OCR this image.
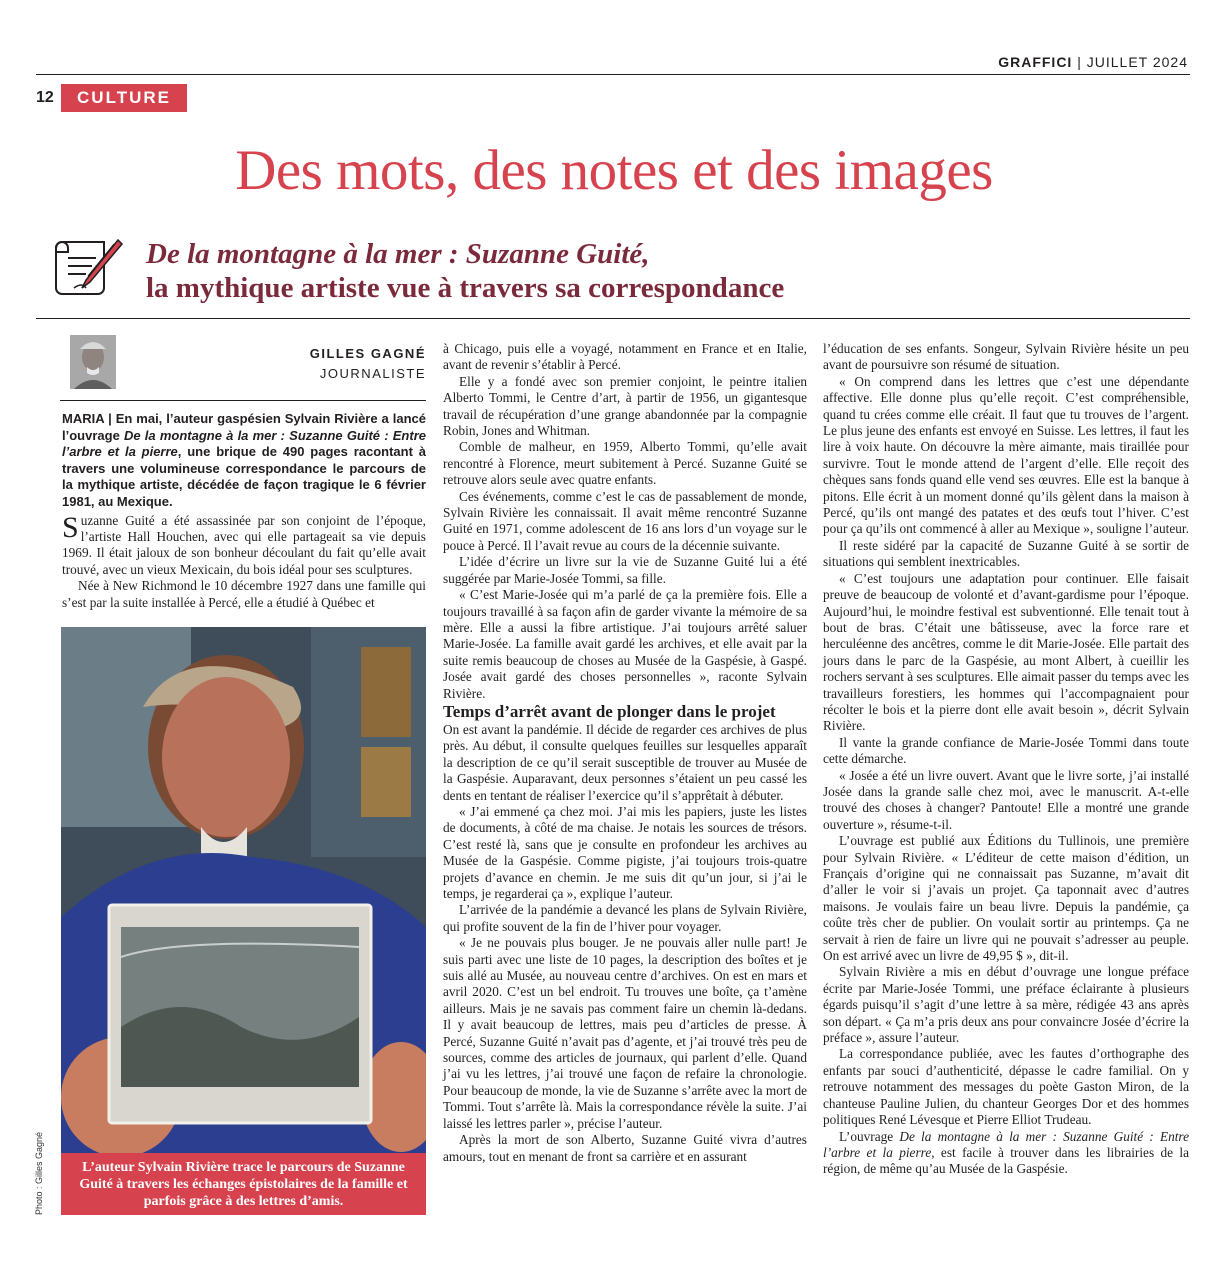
GRAFFICI | JUILLET 2024
12	CULTURE
Des mots, des notes et des images
De la montagne à la mer : Suzanne Guité,
la mythique artiste vue à travers sa correspondance
GILLES GAGNÉ
JOURNALISTE

MARIA | En mai, l’auteur gaspésien Sylvain Rivière a lancé l’ouvrage De la montagne à la mer : Suzanne Guité : Entre l’arbre et la pierre, une brique de 490 pages racontant à travers une volumineuse correspondance le parcours de la mythique artiste, décédée de façon tragique le 6 février 1981, au Mexique.

Suzanne Guité a été assassinée par son conjoint de l’époque, l’artiste Hall Houchen, avec qui elle partageait sa vie depuis 1969. Il était jaloux de son bonheur découlant du fait qu’elle avait trouvé, avec un vieux Mexicain, du bois idéal pour ses sculptures.

Née à New Richmond le 10 décembre 1927 dans une famille qui s’est par la suite installée à Percé, elle a étudié à Québec et

L’auteur Sylvain Rivière trace le parcours de Suzanne Guité à travers les échanges épistolaires de la famille et parfois grâce à des lettres d’amis.
Photo : Gilles Gagné

à Chicago, puis elle a voyagé, notamment en France et en Italie, avant de revenir s’établir à Percé.

Elle y a fondé avec son premier conjoint, le peintre italien Alberto Tommi, le Centre d’art, à partir de 1956, un gigantesque travail de récupération d’une grange abandonnée par la compagnie Robin, Jones and Whitman.

Comble de malheur, en 1959, Alberto Tommi, qu’elle avait rencontré à Florence, meurt subitement à Percé. Suzanne Guité se retrouve alors seule avec quatre enfants.

Ces événements, comme c’est le cas de passablement de monde, Sylvain Rivière les connaissait. Il avait même rencontré Suzanne Guité en 1971, comme adolescent de 16 ans lors d’un voyage sur le pouce à Percé. Il l’avait revue au cours de la décennie suivante.

L’idée d’écrire un livre sur la vie de Suzanne Guité lui a été suggérée par Marie-Josée Tommi, sa fille.

« C’est Marie-Josée qui m’a parlé de ça la première fois. Elle a toujours travaillé à sa façon afin de garder vivante la mémoire de sa mère. Elle a aussi la fibre artistique. J’ai toujours arrêté saluer Marie-Josée. La famille avait gardé les archives, et elle avait par la suite remis beaucoup de choses au Musée de la Gaspésie, à Gaspé. Josée avait gardé des choses personnelles », raconte Sylvain Rivière.

Temps d’arrêt avant de plonger dans le projet

On est avant la pandémie. Il décide de regarder ces archives de plus près. Au début, il consulte quelques feuilles sur lesquelles apparaît la description de ce qu’il serait susceptible de trouver au Musée de la Gaspésie. Auparavant, deux personnes s’étaient un peu cassé les dents en tentant de réaliser l’exercice qu’il s’apprêtait à débuter.

« J’ai emmené ça chez moi. J’ai mis les papiers, juste les listes de documents, à côté de ma chaise. Je notais les sources de trésors. C’est resté là, sans que je consulte en profondeur les archives au Musée de la Gaspésie. Comme pigiste, j’ai toujours trois-quatre projets d’avance en chemin. Je me suis dit qu’un jour, si j’ai le temps, je regarderai ça », explique l’auteur.

L’arrivée de la pandémie a devancé les plans de Sylvain Rivière, qui profite souvent de la fin de l’hiver pour voyager.

« Je ne pouvais plus bouger. Je ne pouvais aller nulle part! Je suis parti avec une liste de 10 pages, la description des boîtes et je suis allé au Musée, au nouveau centre d’archives. On est en mars et avril 2020. C’est un bel endroit. Tu trouves une boîte, ça t’amène ailleurs. Mais je ne savais pas comment faire un chemin là-dedans. Il y avait beaucoup de lettres, mais peu d’articles de presse. À Percé, Suzanne Guité n’avait pas d’agente, et j’ai trouvé très peu de sources, comme des articles de journaux, qui parlent d’elle. Quand j’ai vu les lettres, j’ai trouvé une façon de refaire la chronologie. Pour beaucoup de monde, la vie de Suzanne s’arrête avec la mort de Tommi. Tout s’arrête là. Mais la correspondance révèle la suite. J’ai laissé les lettres parler », précise l’auteur.

Après la mort de son Alberto, Suzanne Guité vivra d’autres amours, tout en menant de front sa carrière et en assurant

l’éducation de ses enfants. Songeur, Sylvain Rivière hésite un peu avant de poursuivre son résumé de situation.

« On comprend dans les lettres que c’est une dépendante affective. Elle donne plus qu’elle reçoit. C’est compréhensible, quand tu crées comme elle créait. Il faut que tu trouves de l’argent. Le plus jeune des enfants est envoyé en Suisse. Les lettres, il faut les lire à voix haute. On découvre la mère aimante, mais tiraillée pour survivre. Tout le monde attend de l’argent d’elle. Elle reçoit des chèques sans fonds quand elle vend ses œuvres. Elle est la banque à pitons. Elle écrit à un moment donné qu’ils gèlent dans la maison à Percé, qu’ils ont mangé des patates et des œufs tout l’hiver. C’est pour ça qu’ils ont commencé à aller au Mexique », souligne l’auteur.

Il reste sidéré par la capacité de Suzanne Guité à se sortir de situations qui semblent inextricables.

« C’est toujours une adaptation pour continuer. Elle faisait preuve de beaucoup de volonté et d’avant-gardisme pour l’époque. Aujourd’hui, le moindre festival est subventionné. Elle tenait tout à bout de bras. C’était une bâtisseuse, avec la force rare et herculéenne des ancêtres, comme le dit Marie-Josée. Elle partait des jours dans le parc de la Gaspésie, au mont Albert, à cueillir les rochers servant à ses sculptures. Elle aimait passer du temps avec les travailleurs forestiers, les hommes qui l’accompagnaient pour récolter le bois et la pierre dont elle avait besoin », décrit Sylvain Rivière.

Il vante la grande confiance de Marie-Josée Tommi dans toute cette démarche.

« Josée a été un livre ouvert. Avant que le livre sorte, j’ai installé Josée dans la grande salle chez moi, avec le manuscrit. A-t-elle trouvé des choses à changer? Pantoute! Elle a montré une grande ouverture », résume-t-il.

L’ouvrage est publié aux Éditions du Tullinois, une première pour Sylvain Rivière. « L’éditeur de cette maison d’édition, un Français d’origine qui ne connaissait pas Suzanne, m’avait dit d’aller le voir si j’avais un projet. Ça taponnait avec d’autres maisons. Je voulais faire un beau livre. Depuis la pandémie, ça coûte très cher de publier. On voulait sortir au printemps. Ça ne servait à rien de faire un livre qui ne pouvait s’adresser au peuple. On est arrivé avec un livre de 49,95 $ », dit-il.

Sylvain Rivière a mis en début d’ouvrage une longue préface écrite par Marie-Josée Tommi, une préface éclairante à plusieurs égards puisqu’il s’agit d’une lettre à sa mère, rédigée 43 ans après son départ. « Ça m’a pris deux ans pour convaincre Josée d’écrire la préface », assure l’auteur.

La correspondance publiée, avec les fautes d’orthographe des enfants par souci d’authenticité, dépasse le cadre familial. On y retrouve notamment des messages du poète Gaston Miron, de la chanteuse Pauline Julien, du chanteur Georges Dor et des hommes politiques René Lévesque et Pierre Elliot Trudeau.

L’ouvrage De la montagne à la mer : Suzanne Guité : Entre l’arbre et la pierre, est facile à trouver dans les librairies de la région, de même qu’au Musée de la Gaspésie.
